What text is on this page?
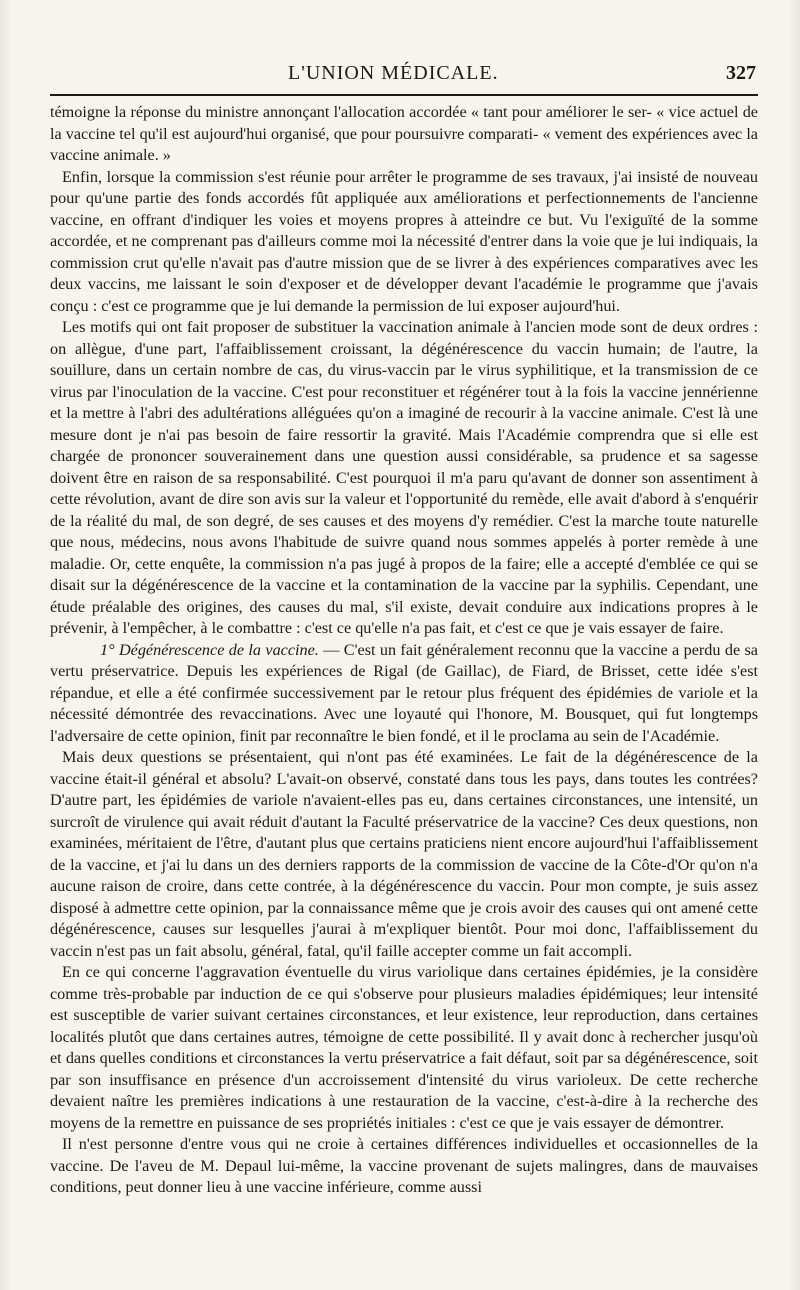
L'UNION MÉDICALE.	327

témoigne la réponse du ministre annonçant l'allocation accordée « tant pour améliorer le ser- « vice actuel de la vaccine tel qu'il est aujourd'hui organisé, que pour poursuivre comparati- « vement des expériences avec la vaccine animale. »

Enfin, lorsque la commission s'est réunie pour arrêter le programme de ses travaux, j'ai insisté de nouveau pour qu'une partie des fonds accordés fût appliquée aux améliorations et perfectionnements de l'ancienne vaccine, en offrant d'indiquer les voies et moyens propres à atteindre ce but. Vu l'exiguïté de la somme accordée, et ne comprenant pas d'ailleurs comme moi la nécessité d'entrer dans la voie que je lui indiquais, la commission crut qu'elle n'avait pas d'autre mission que de se livrer à des expériences comparatives avec les deux vaccins, me laissant le soin d'exposer et de développer devant l'académie le programme que j'avais conçu : c'est ce programme que je lui demande la permission de lui exposer aujourd'hui.

Les motifs qui ont fait proposer de substituer la vaccination animale à l'ancien mode sont de deux ordres : on allègue, d'une part, l'affaiblissement croissant, la dégénérescence du vaccin humain; de l'autre, la souillure, dans un certain nombre de cas, du virus-vaccin par le virus syphilitique, et la transmission de ce virus par l'inoculation de la vaccine. C'est pour reconstituer et régénérer tout à la fois la vaccine jennérienne et la mettre à l'abri des adultérations alléguées qu'on a imaginé de recourir à la vaccine animale. C'est là une mesure dont je n'ai pas besoin de faire ressortir la gravité. Mais l'Académie comprendra que si elle est chargée de prononcer souverainement dans une question aussi considérable, sa prudence et sa sagesse doivent être en raison de sa responsabilité. C'est pourquoi il m'a paru qu'avant de donner son assentiment à cette révolution, avant de dire son avis sur la valeur et l'opportunité du remède, elle avait d'abord à s'enquérir de la réalité du mal, de son degré, de ses causes et des moyens d'y remédier. C'est la marche toute naturelle que nous, médecins, nous avons l'habitude de suivre quand nous sommes appelés à porter remède à une maladie. Or, cette enquête, la commission n'a pas jugé à propos de la faire; elle a accepté d'emblée ce qui se disait sur la dégénérescence de la vaccine et la contamination de la vaccine par la syphilis. Cependant, une étude préalable des origines, des causes du mal, s'il existe, devait conduire aux indications propres à le prévenir, à l'empêcher, à le combattre : c'est ce qu'elle n'a pas fait, et c'est ce que je vais essayer de faire.

1° Dégénérescence de la vaccine. — C'est un fait généralement reconnu que la vaccine a perdu de sa vertu préservatrice. Depuis les expériences de Rigal (de Gaillac), de Fiard, de Brisset, cette idée s'est répandue, et elle a été confirmée successivement par le retour plus fréquent des épidémies de variole et la nécessité démontrée des revaccinations. Avec une loyauté qui l'honore, M. Bousquet, qui fut longtemps l'adversaire de cette opinion, finit par reconnaître le bien fondé, et il le proclama au sein de l'Académie.

Mais deux questions se présentaient, qui n'ont pas été examinées. Le fait de la dégénérescence de la vaccine était-il général et absolu? L'avait-on observé, constaté dans tous les pays, dans toutes les contrées? D'autre part, les épidémies de variole n'avaient-elles pas eu, dans certaines circonstances, une intensité, un surcroît de virulence qui avait réduit d'autant la Faculté préservatrice de la vaccine? Ces deux questions, non examinées, méritaient de l'être, d'autant plus que certains praticiens nient encore aujourd'hui l'affaiblissement de la vaccine, et j'ai lu dans un des derniers rapports de la commission de vaccine de la Côte-d'Or qu'on n'a aucune raison de croire, dans cette contrée, à la dégénérescence du vaccin. Pour mon compte, je suis assez disposé à admettre cette opinion, par la connaissance même que je crois avoir des causes qui ont amené cette dégénérescence, causes sur lesquelles j'aurai à m'expliquer bientôt. Pour moi donc, l'affaiblissement du vaccin n'est pas un fait absolu, général, fatal, qu'il faille accepter comme un fait accompli.

En ce qui concerne l'aggravation éventuelle du virus variolique dans certaines épidémies, je la considère comme très-probable par induction de ce qui s'observe pour plusieurs maladies épidémiques; leur intensité est susceptible de varier suivant certaines circonstances, et leur existence, leur reproduction, dans certaines localités plutôt que dans certaines autres, témoigne de cette possibilité. Il y avait donc à rechercher jusqu'où et dans quelles conditions et circonstances la vertu préservatrice a fait défaut, soit par sa dégénérescence, soit par son insuffisance en présence d'un accroissement d'intensité du virus varioleux. De cette recherche devaient naître les premières indications à une restauration de la vaccine, c'est-à-dire à la recherche des moyens de la remettre en puissance de ses propriétés initiales : c'est ce que je vais essayer de démontrer.

Il n'est personne d'entre vous qui ne croie à certaines différences individuelles et occasionnelles de la vaccine. De l'aveu de M. Depaul lui-même, la vaccine provenant de sujets malingres, dans de mauvaises conditions, peut donner lieu à une vaccine inférieure, comme aussi
